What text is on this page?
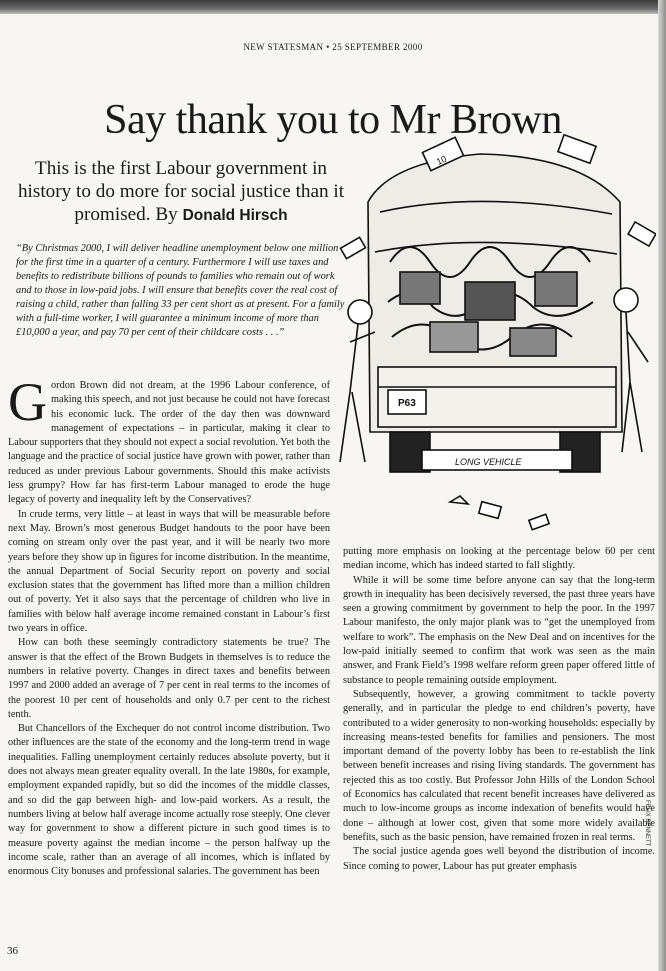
NEW STATESMAN • 25 SEPTEMBER 2000
Say thank you to Mr Brown
This is the first Labour government in history to do more for social justice than it promised. By Donald Hirsch
“By Christmas 2000, I will deliver headline unemployment below one million for the first time in a quarter of a century. Furthermore I will use taxes and benefits to redistribute billions of pounds to families who remain out of work and to those in low-paid jobs. I will ensure that benefits cover the real cost of raising a child, rather than falling 33 per cent short as at present. For a family with a full-time worker, I will guarantee a minimum income of more than £10,000 a year, and pay 70 per cent of their childcare costs . . .”
P63
LONG VEHICLE
10

Gordon Brown did not dream, at the 1996 Labour conference, of making this speech, and not just because he could not have forecast his economic luck. The order of the day then was downward management of expectations – in particular, making it clear to Labour supporters that they should not expect a social revolution. Yet both the language and the practice of social justice have grown with power, rather than reduced as under previous Labour governments. Should this make activists less grumpy? How far has first-term Labour managed to erode the huge legacy of poverty and inequality left by the Conservatives?

In crude terms, very little – at least in ways that will be measurable before next May. Brown’s most generous Budget handouts to the poor have been coming on stream only over the past year, and it will be nearly two more years before they show up in figures for income distribution. In the meantime, the annual Department of Social Security report on poverty and social exclusion states that the government has lifted more than a million children out of poverty. Yet it also says that the percentage of children who live in families with below half average income remained constant in Labour’s first two years in office.

How can both these seemingly contradictory statements be true? The answer is that the effect of the Brown Budgets in themselves is to reduce the numbers in relative poverty. Changes in direct taxes and benefits between 1997 and 2000 added an average of 7 per cent in real terms to the incomes of the poorest 10 per cent of households and only 0.7 per cent to the richest tenth.

But Chancellors of the Exchequer do not control income distribution. Two other influences are the state of the economy and the long-term trend in wage inequalities. Falling unemployment certainly reduces absolute poverty, but it does not always mean greater equality overall. In the late 1980s, for example, employment expanded rapidly, but so did the incomes of the middle classes, and so did the gap between high- and low-paid workers. As a result, the numbers living at below half average income actually rose steeply. One clever way for government to show a different picture in such good times is to measure poverty against the median income – the person halfway up the income scale, rather than an average of all incomes, which is inflated by enormous City bonuses and professional salaries. The government has been

putting more emphasis on looking at the percentage below 60 per cent median income, which has indeed started to fall slightly.

While it will be some time before anyone can say that the long-term growth in inequality has been decisively reversed, the past three years have seen a growing commitment by government to help the poor. In the 1997 Labour manifesto, the only major plank was to “get the unemployed from welfare to work”. The emphasis on the New Deal and on incentives for the low-paid initially seemed to confirm that work was seen as the main answer, and Frank Field’s 1998 welfare reform green paper offered little of substance to people remaining outside employment.

Subsequently, however, a growing commitment to tackle poverty generally, and in particular the pledge to end children’s poverty, have contributed to a wider generosity to non-working households: especially by increasing means-tested benefits for families and pensioners. The most important demand of the poverty lobby has been to re-establish the link between benefit increases and rising living standards. The government has rejected this as too costly. But Professor John Hills of the London School of Economics has calculated that recent benefit increases have delivered as much to low-income groups as income indexation of benefits would have done – although at lower cost, given that some more widely available benefits, such as the basic pension, have remained frozen in real terms.

The social justice agenda goes well beyond the distribution of income. Since coming to power, Labour has put greater emphasis

36
FELIX BENNETT
